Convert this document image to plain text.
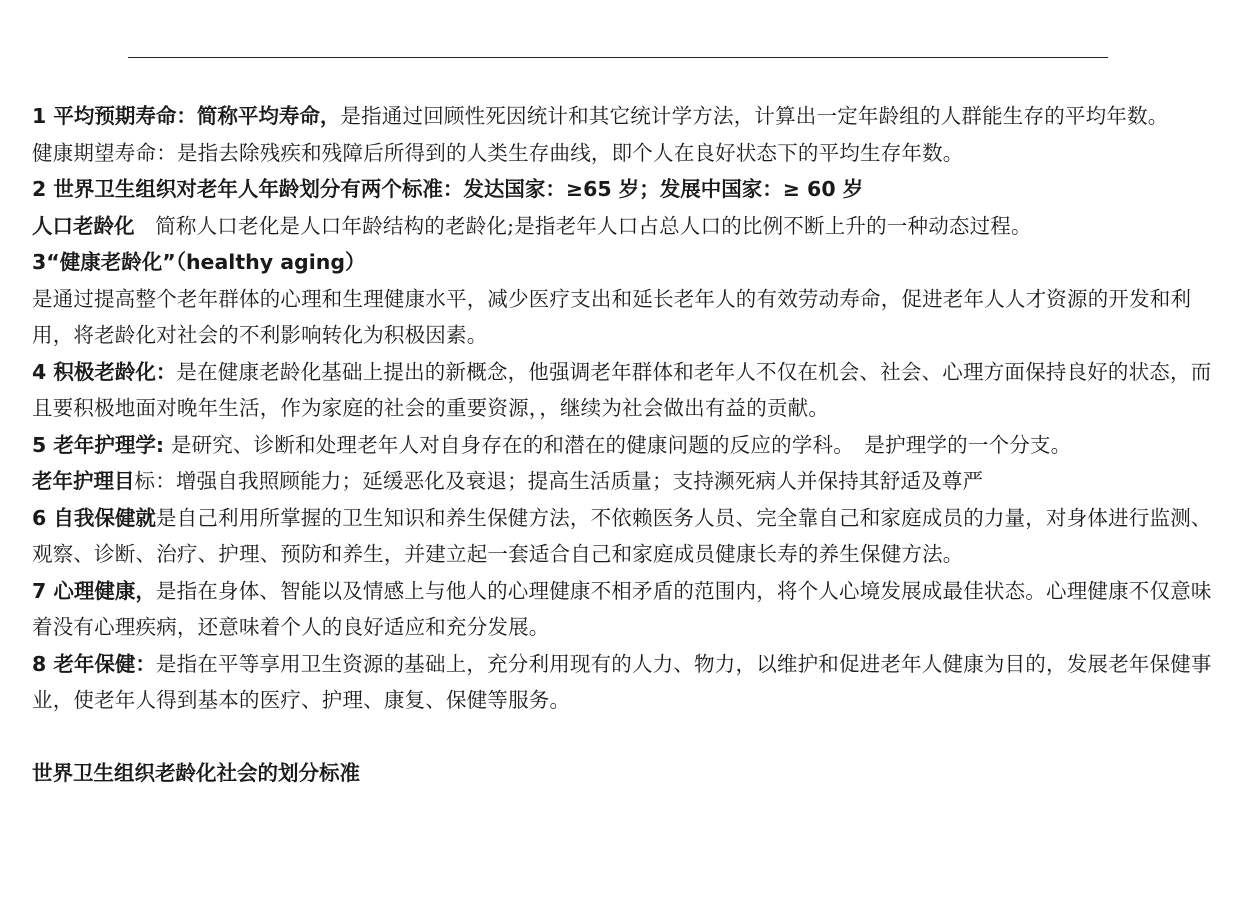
1 平均预期寿命：简称平均寿命，是指通过回顾性死因统计和其它统计学方法，计算出一定年龄组的人群能生存的平均年数。

健康期望寿命：是指去除残疾和残障后所得到的人类生存曲线，即个人在良好状态下的平均生存年数。

2 世界卫生组织对老年人年龄划分有两个标准：发达国家：≥65 岁；发展中国家：≥ 60 岁

人口老龄化　简称人口老化是人口年龄结构的老龄化;是指老年人口占总人口的比例不断上升的一种动态过程。

3“健康老龄化”（healthy aging）

是通过提高整个老年群体的心理和生理健康水平，减少医疗支出和延长老年人的有效劳动寿命，促进老年人人才资源的开发和利用，将老龄化对社会的不利影响转化为积极因素。

4 积极老龄化：是在健康老龄化基础上提出的新概念，他强调老年群体和老年人不仅在机会、社会、心理方面保持良好的状态，而且要积极地面对晚年生活，作为家庭的社会的重要资源，，继续为社会做出有益的贡献。

5 老年护理学: 是研究、诊断和处理老年人对自身存在的和潜在的健康问题的反应的学科。　是护理学的一个分支。

老年护理目标：增强自我照顾能力；延缓恶化及衰退；提高生活质量；支持濒死病人并保持其舒适及尊严

6 自我保健就是自己利用所掌握的卫生知识和养生保健方法，不依赖医务人员、完全靠自己和家庭成员的力量，对身体进行监测、观察、诊断、治疗、护理、预防和养生，并建立起一套适合自己和家庭成员健康长寿的养生保健方法。

7 心理健康，是指在身体、智能以及情感上与他人的心理健康不相矛盾的范围内，将个人心境发展成最佳状态。心理健康不仅意味着没有心理疾病，还意味着个人的良好适应和充分发展。

8 老年保健：是指在平等享用卫生资源的基础上，充分利用现有的人力、物力，以维护和促进老年人健康为目的，发展老年保健事业，使老年人得到基本的医疗、护理、康复、保健等服务。

世界卫生组织老龄化社会的划分标准
